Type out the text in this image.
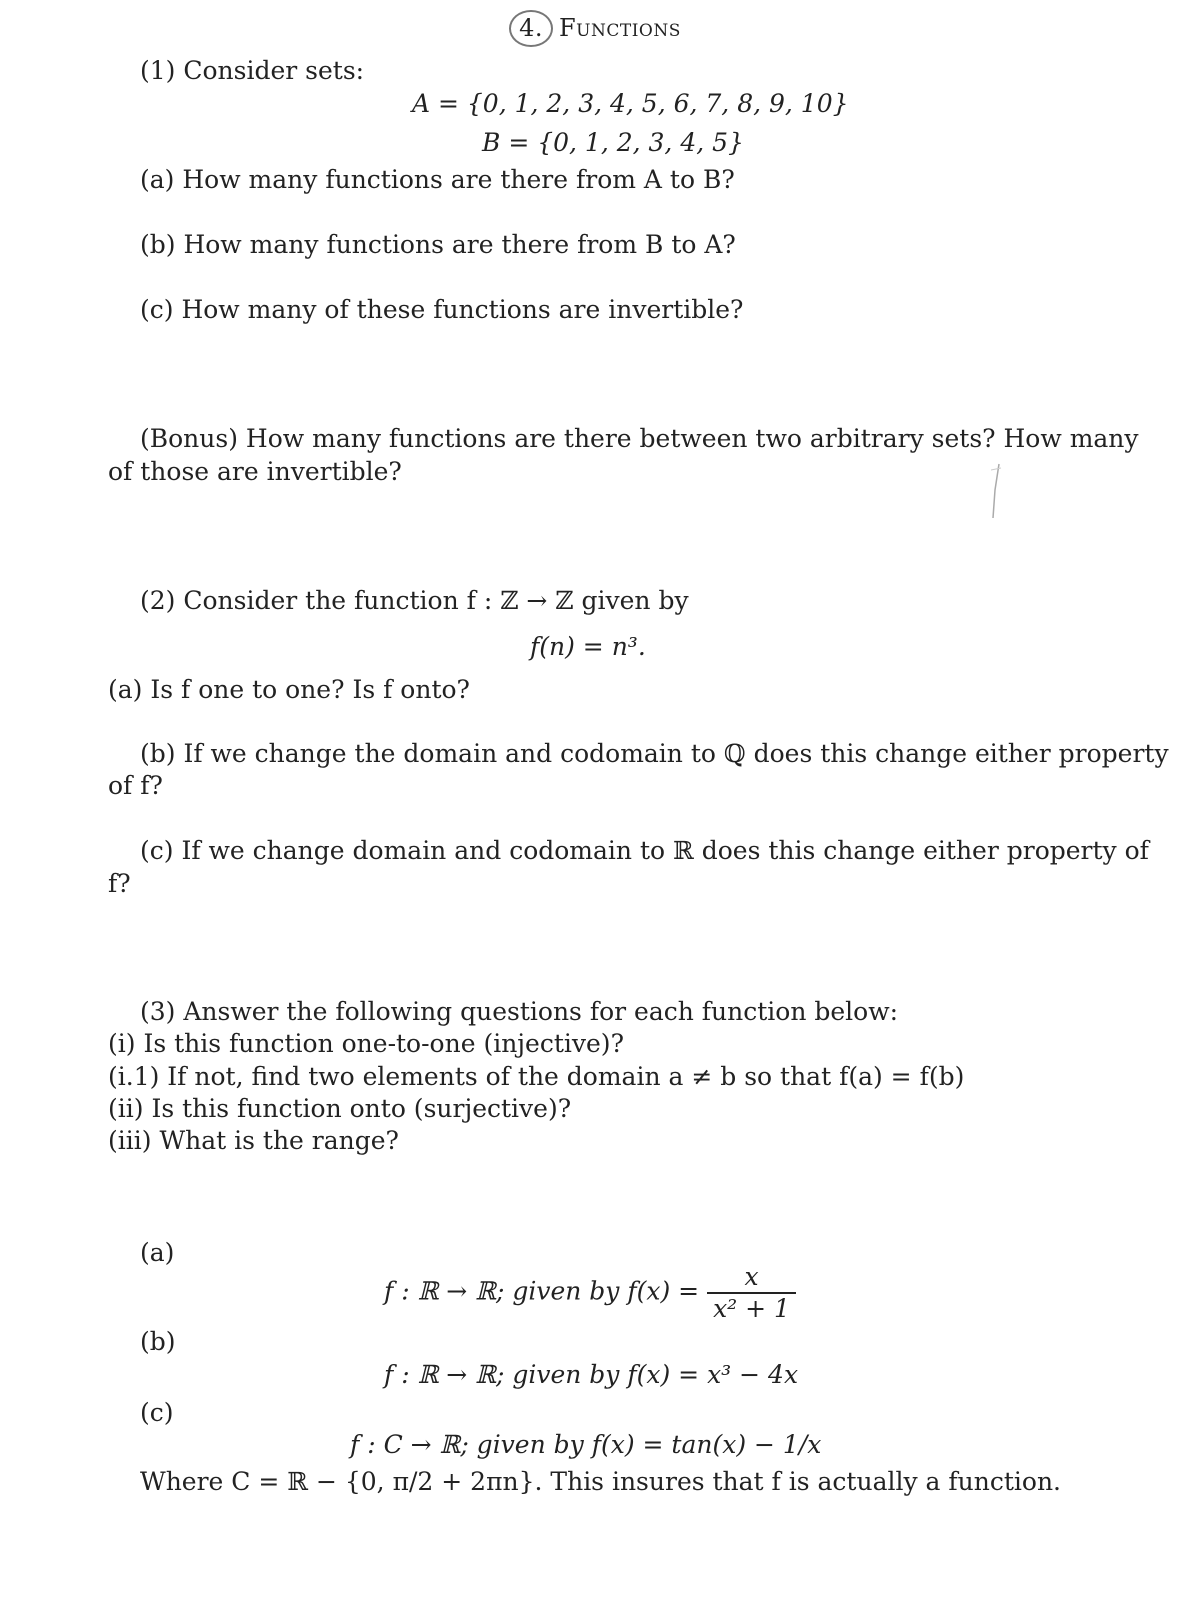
4. Functions
(1) Consider sets:
A = {0, 1, 2, 3, 4, 5, 6, 7, 8, 9, 10}
B = {0, 1, 2, 3, 4, 5}
(a) How many functions are there from A to B?
(b) How many functions are there from B to A?
(c) How many of these functions are invertible?
(Bonus) How many functions are there between two arbitrary sets? How many
of those are invertible?
(2) Consider the function f : ℤ → ℤ given by
f(n) = n³.
(a) Is f one to one? Is f onto?
(b) If we change the domain and codomain to ℚ does this change either property
of f?
(c) If we change domain and codomain to ℝ does this change either property of
f?
(3) Answer the following questions for each function below:
(i) Is this function one-to-one (injective)?
(i.1) If not, find two elements of the domain a ≠ b so that f(a) = f(b)
(ii) Is this function onto (surjective)?
(iii) What is the range?
(a)
f : ℝ → ℝ; given by $f(x) = \frac{x}{\text{x² + 1}}$
(b)
f : ℝ → ℝ; given by f(x) = x³ − 4x
(c)
f : C → ℝ; given by f(x) = tan(x) − 1/x
Where C = ℝ − {0, π/2 + 2πn}. This insures that f is actually a function.
